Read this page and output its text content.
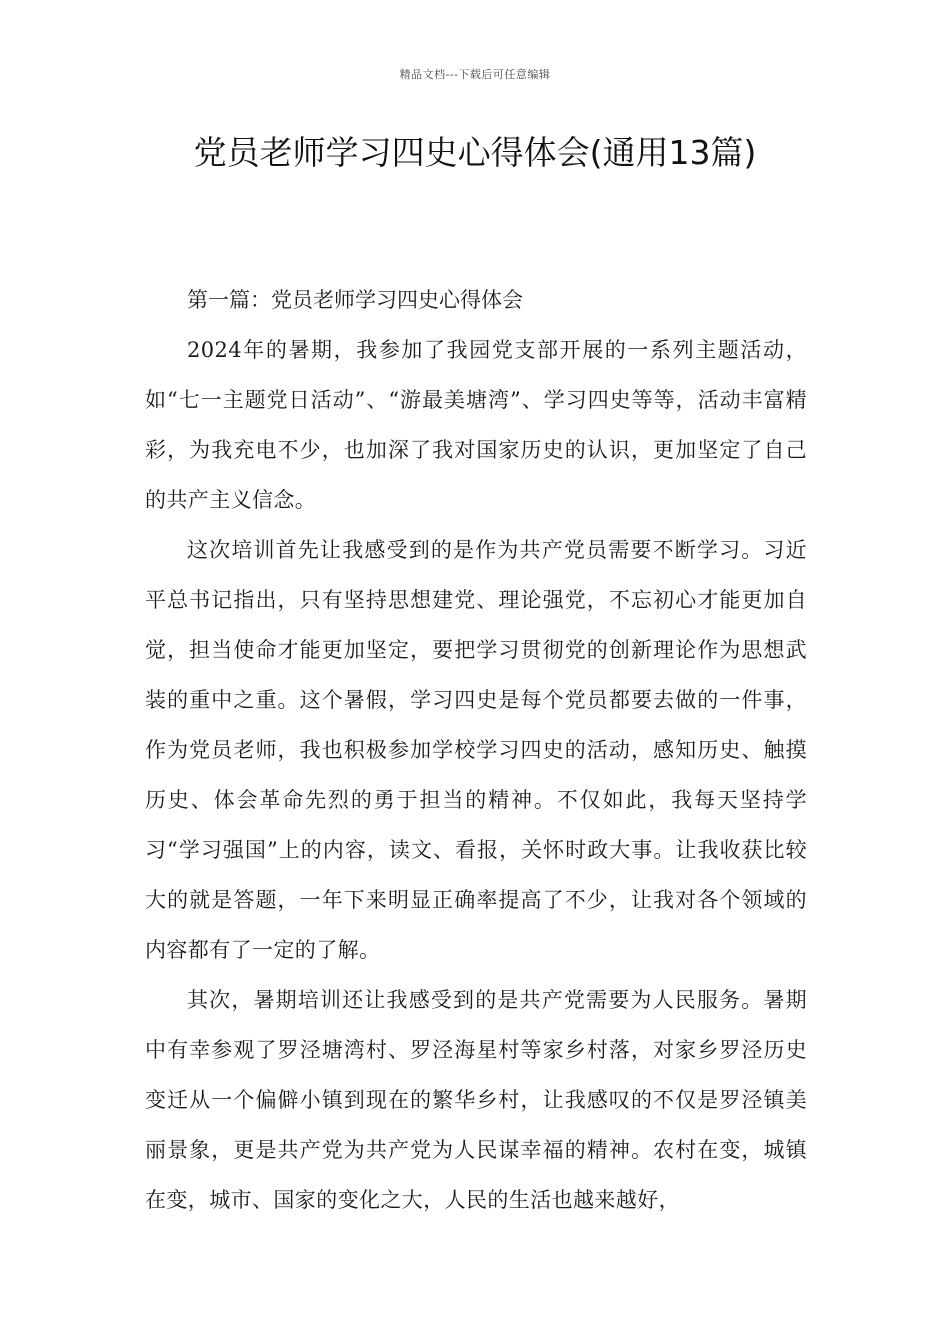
精品文档---下载后可任意编辑
党员老师学习四史心得体会(通用13篇)

第一篇：党员老师学习四史心得体会

2024年的暑期，我参加了我园党支部开展的一系列主题活动，如“七一主题党日活动”、“游最美塘湾”、学习四史等等，活动丰富精彩，为我充电不少，也加深了我对国家历史的认识，更加坚定了自己的共产主义信念。

这次培训首先让我感受到的是作为共产党员需要不断学习。习近平总书记指出，只有坚持思想建党、理论强党，不忘初心才能更加自觉，担当使命才能更加坚定，要把学习贯彻党的创新理论作为思想武装的重中之重。这个暑假，学习四史是每个党员都要去做的一件事，作为党员老师，我也积极参加学校学习四史的活动，感知历史、触摸历史、体会革命先烈的勇于担当的精神。不仅如此，我每天坚持学习“学习强国”上的内容，读文、看报，关怀时政大事。让我收获比较大的就是答题，一年下来明显正确率提高了不少，让我对各个领域的内容都有了一定的了解。

其次，暑期培训还让我感受到的是共产党需要为人民服务。暑期中有幸参观了罗泾塘湾村、罗泾海星村等家乡村落，对家乡罗泾历史变迁从一个偏僻小镇到现在的繁华乡村，让我感叹的不仅是罗泾镇美丽景象，更是共产党为共产党为人民谋幸福的精神。农村在变，城镇在变，城市、国家的变化之大，人民的生活也越来越好，
